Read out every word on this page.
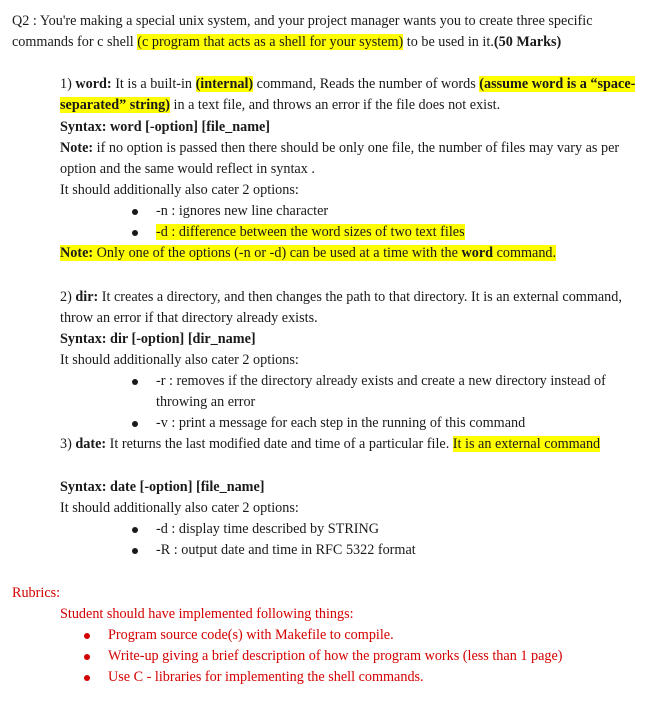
Q2 : You're making a special unix system, and your project manager wants you to create three specific commands for c shell (c program that acts as a shell for your system) to be used in it.(50 Marks)
1) word: It is a built-in (internal) command, Reads the number of words (assume word is a “space-separated” string) in a text file, and throws an error if the file does not exist.
Syntax: word [-option] [file_name]
Note: if no option is passed then there should be only one file, the number of files may vary as per option and the same would reflect in syntax .
It should additionally also cater 2 options:
-n : ignores new line character
-d : difference between the word sizes of two text files
Note: Only one of the options (-n or -d) can be used at a time with the word command.
2) dir: It creates a directory, and then changes the path to that directory. It is an external command, throw an error if that directory already exists.
Syntax: dir [-option] [dir_name]
It should additionally also cater 2 options:
-r : removes if the directory already exists and create a new directory instead of throwing an error
-v : print a message for each step in the running of this command
3) date: It returns the last modified date and time of a particular file. It is an external command
Syntax: date [-option] [file_name]
It should additionally also cater 2 options:
-d : display time described by STRING
-R : output date and time in RFC 5322 format
Rubrics:
Student should have implemented following things:
Program source code(s) with Makefile to compile.
Write-up giving a brief description of how the program works (less than 1 page)
Use C - libraries for implementing the shell commands.
